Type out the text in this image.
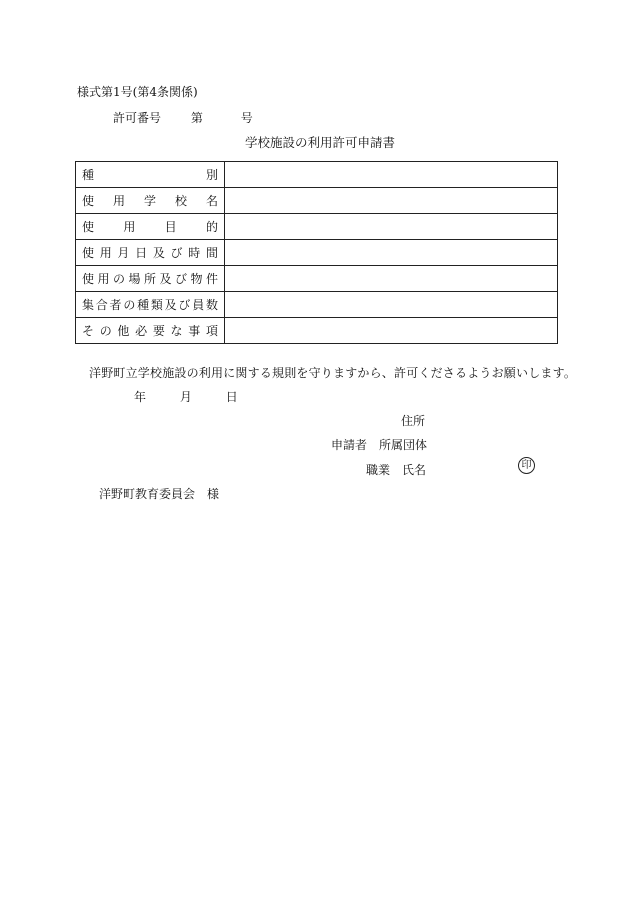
様式第1号(第4条関係)
許可番号 第	号
学校施設の利用許可申請書
種別	
使用学校名	
使用目的	
使用月日及び時間	
使用の場所及び物件	
集合者の種類及び員数	
その他必要な事項	
洋野町立学校施設の利用に関する規則を守りますから、許可くださるようお願いします。
年	月	日
住所
申請者 所属団体
職業 氏名	印
洋野町教育委員会 様
